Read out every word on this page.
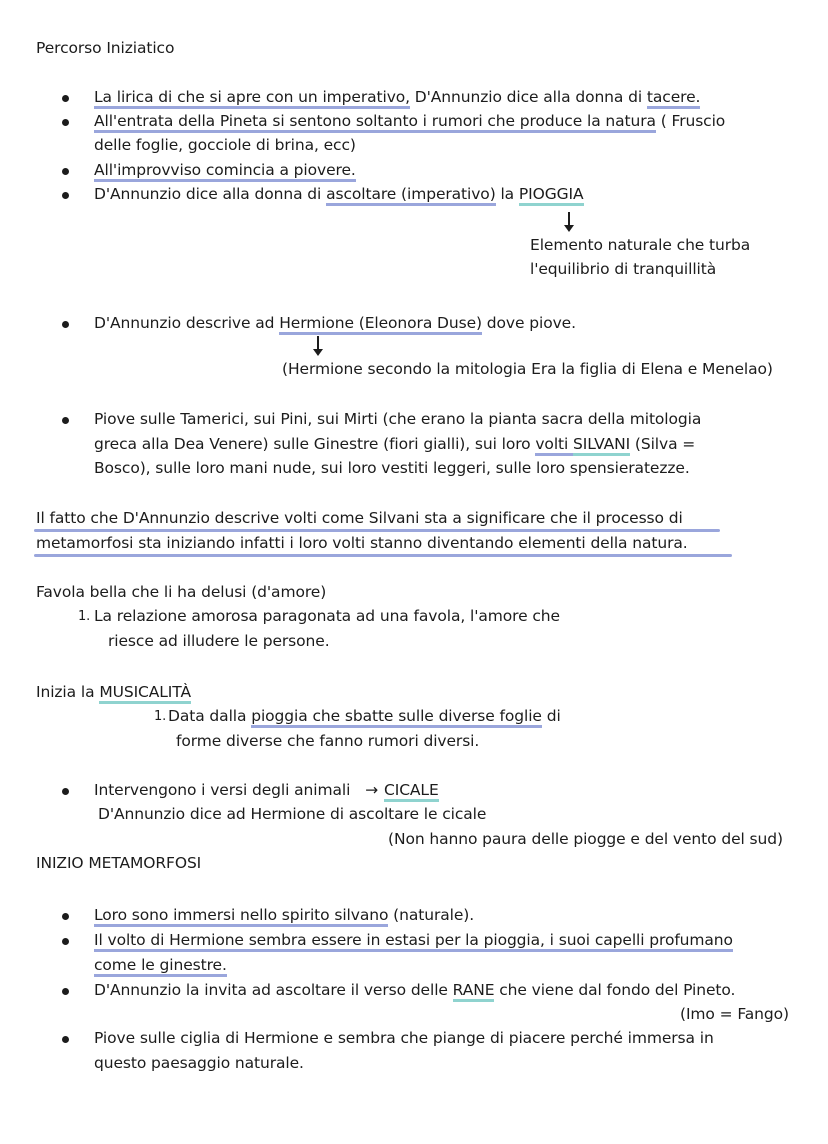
Percorso Iniziatico
La lirica di che si apre con un imperativo, D'Annunzio dice alla donna di tacere.
All'entrata della Pineta si sentono soltanto i rumori che produce la natura ( Fruscio
delle foglie, gocciole di brina, ecc)
All'improvviso comincia a piovere.
D'Annunzio dice alla donna di ascoltare (imperativo) la PIOGGIA
Elemento naturale che turba
l'equilibrio di tranquillità
D'Annunzio descrive ad Hermione (Eleonora Duse) dove piove.
(Hermione secondo la mitologia Era la figlia di Elena e Menelao)
Piove sulle Tamerici, sui Pini, sui Mirti (che erano la pianta sacra della mitologia
greca alla Dea Venere) sulle Ginestre (fiori gialli), sui loro volti SILVANI (Silva =
Bosco), sulle loro mani nude, sui loro vestiti leggeri, sulle loro spensieratezze.
Il fatto che D'Annunzio descrive volti come Silvani sta a significare che il processo di
metamorfosi sta iniziando infatti i loro volti stanno diventando elementi della natura.
Favola bella che li ha delusi (d'amore)
1. La relazione amorosa paragonata ad una favola, l'amore che
riesce ad illudere le persone.
Inizia la MUSICALITÀ
1. Data dalla pioggia che sbatte sulle diverse foglie di
forme diverse che fanno rumori diversi.
Intervengono i versi degli animali → CICALE
D'Annunzio dice ad Hermione di ascoltare le cicale
(Non hanno paura delle piogge e del vento del sud)
INIZIO METAMORFOSI
Loro sono immersi nello spirito silvano (naturale).
Il volto di Hermione sembra essere in estasi per la pioggia, i suoi capelli profumano
come le ginestre.
D'Annunzio la invita ad ascoltare il verso delle RANE che viene dal fondo del Pineto.
(Imo = Fango)
Piove sulle ciglia di Hermione e sembra che piange di piacere perché immersa in
questo paesaggio naturale.
